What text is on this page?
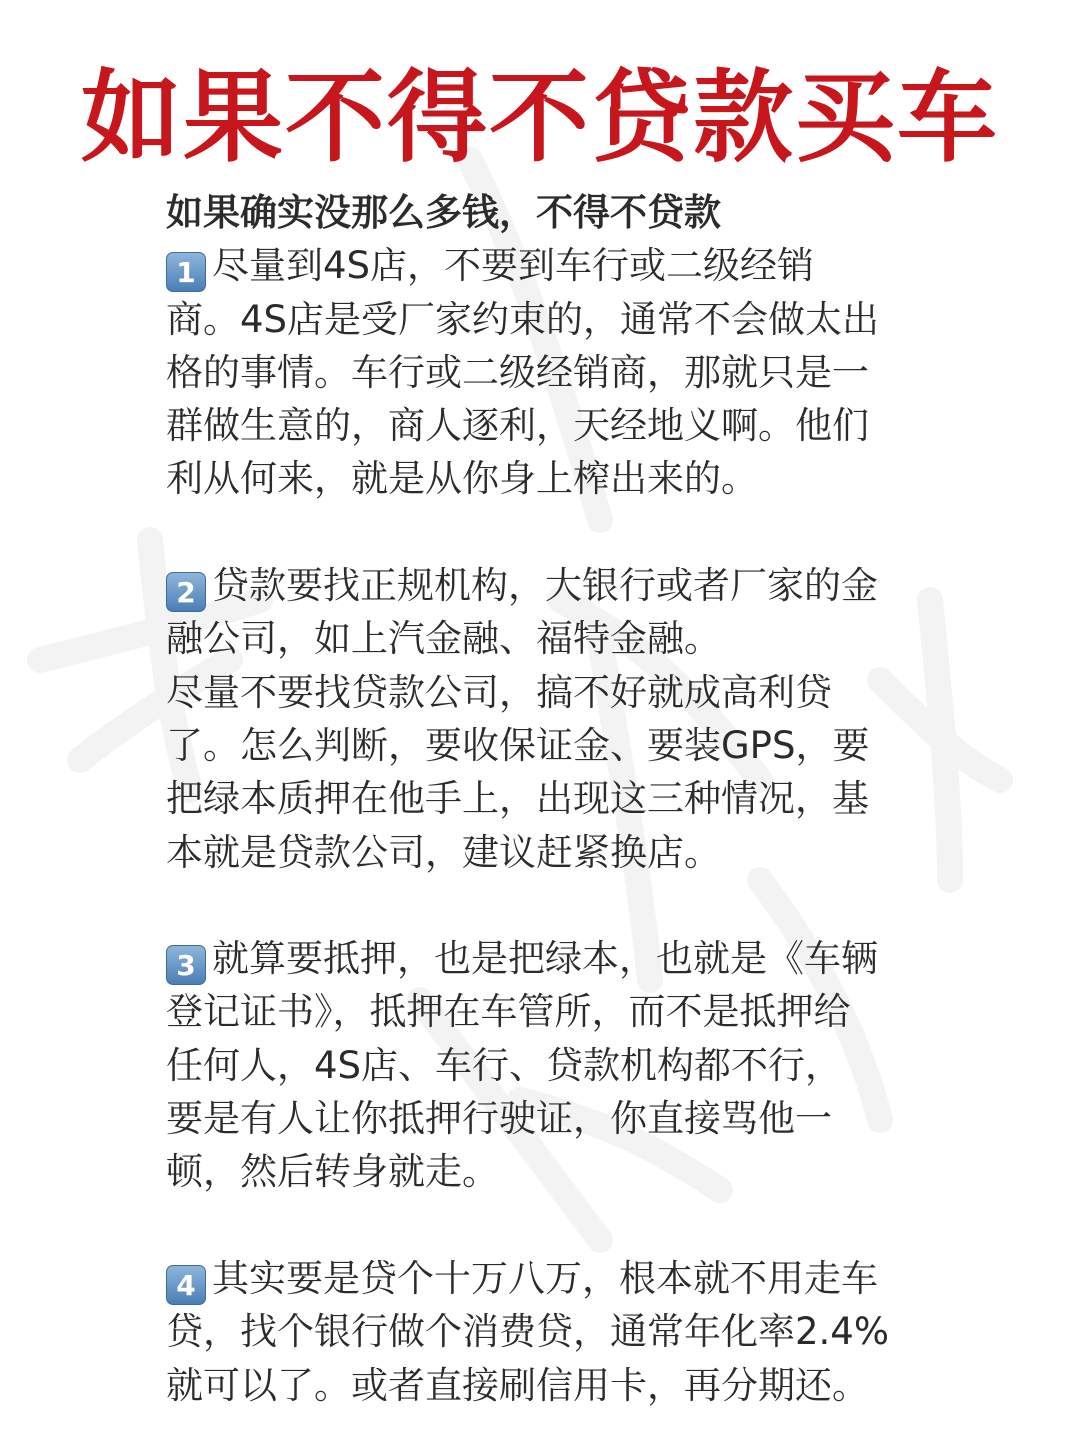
如果不得不贷款买车
如果确实没那么多钱，不得不贷款
1 尽量到4S店，不要到车行或二级经销
商。4S店是受厂家约束的，通常不会做太出
格的事情。车行或二级经销商，那就只是一
群做生意的，商人逐利，天经地义啊。他们
利从何来，就是从你身上榨出来的。
2 贷款要找正规机构，大银行或者厂家的金
融公司，如上汽金融、福特金融。
尽量不要找贷款公司，搞不好就成高利贷
了。怎么判断，要收保证金、要装GPS，要
把绿本质押在他手上，出现这三种情况，基
本就是贷款公司，建议赶紧换店。
3 就算要抵押，也是把绿本，也就是《车辆
登记证书》，抵押在车管所，而不是抵押给
任何人，4S店、车行、贷款机构都不行，
要是有人让你抵押行驶证，你直接骂他一
顿，然后转身就走。
4 其实要是贷个十万八万，根本就不用走车
贷，找个银行做个消费贷，通常年化率2.4%
就可以了。或者直接刷信用卡，再分期还。
